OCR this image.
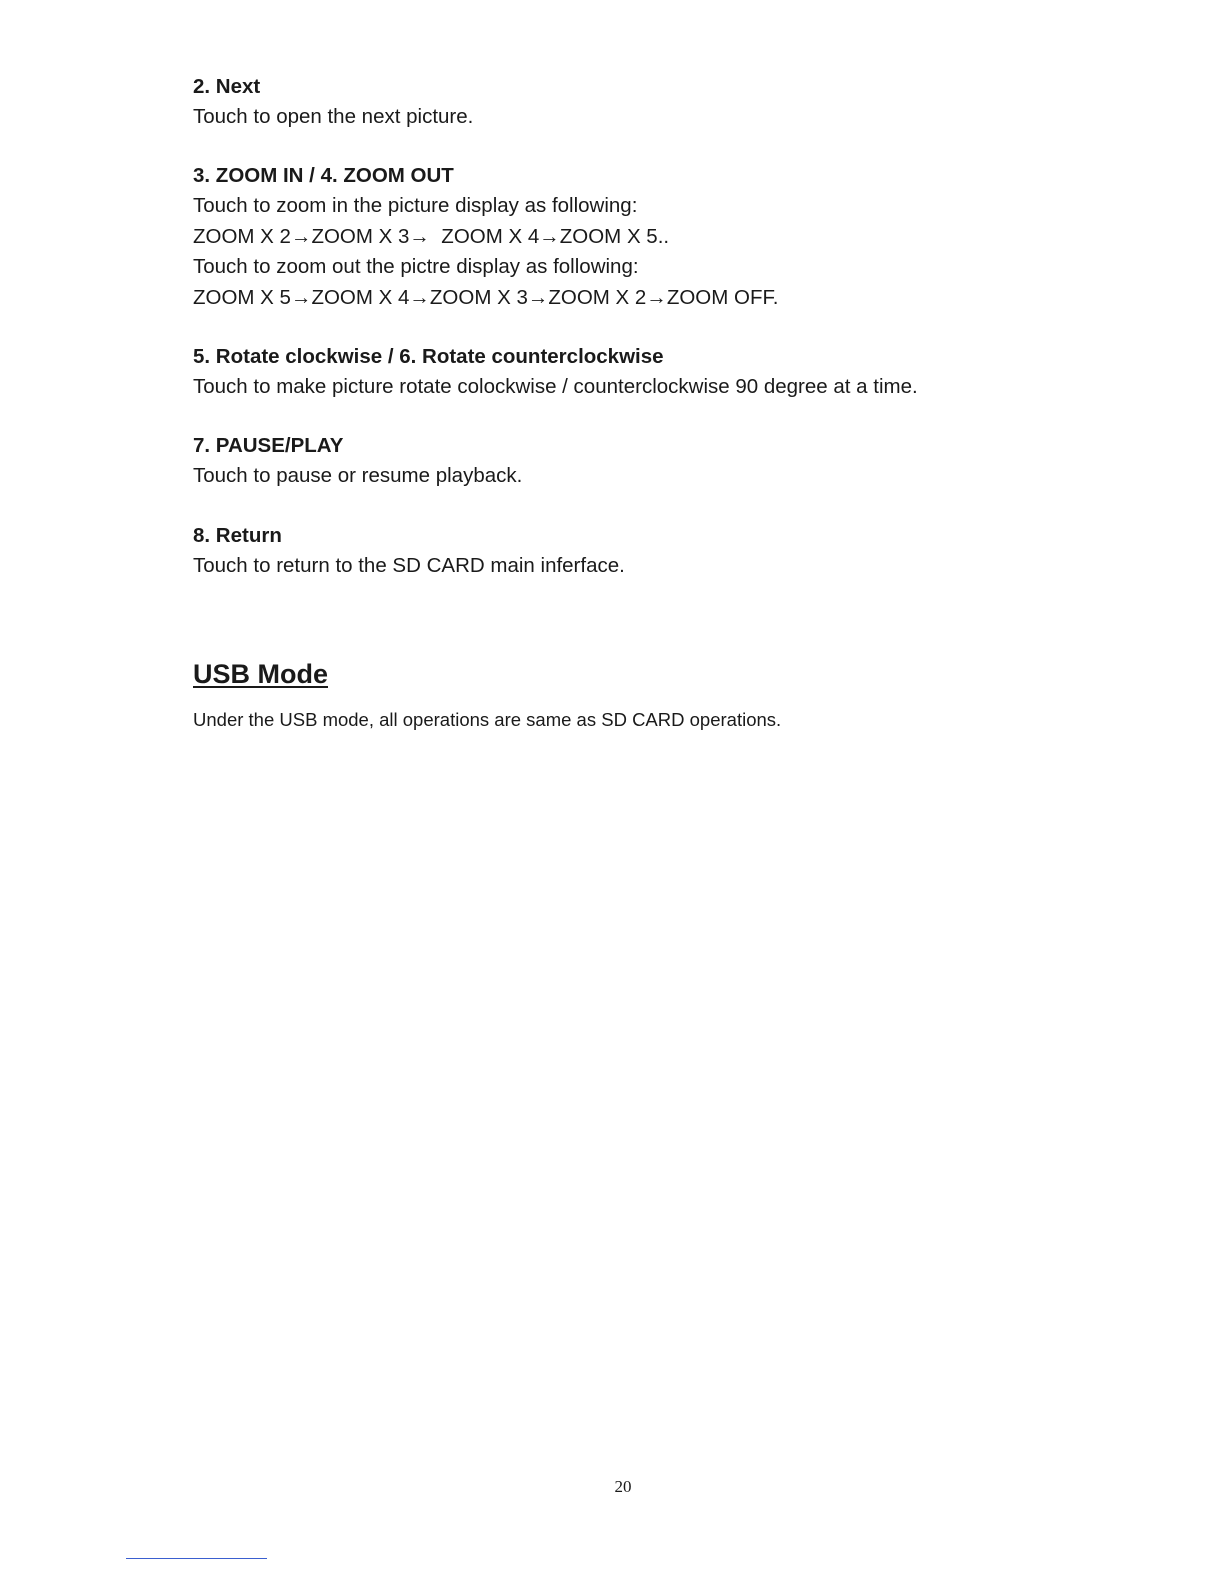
2. Next

Touch to open the next picture.

3. ZOOM IN / 4. ZOOM OUT

Touch to zoom in the picture display as following:

ZOOM X 2→ZOOM X 3→  ZOOM X 4→ZOOM X 5..

Touch to zoom out the pictre display as following:

ZOOM X 5→ZOOM X 4→ZOOM X 3→ZOOM X 2→ZOOM OFF.

5. Rotate clockwise / 6. Rotate counterclockwise

Touch to make picture rotate colockwise / counterclockwise 90 degree at a time.

7. PAUSE/PLAY

Touch to pause or resume playback.

8. Return

Touch to return to the SD CARD main inferface.

USB Mode

Under the USB mode, all operations are same as SD CARD operations.

20
